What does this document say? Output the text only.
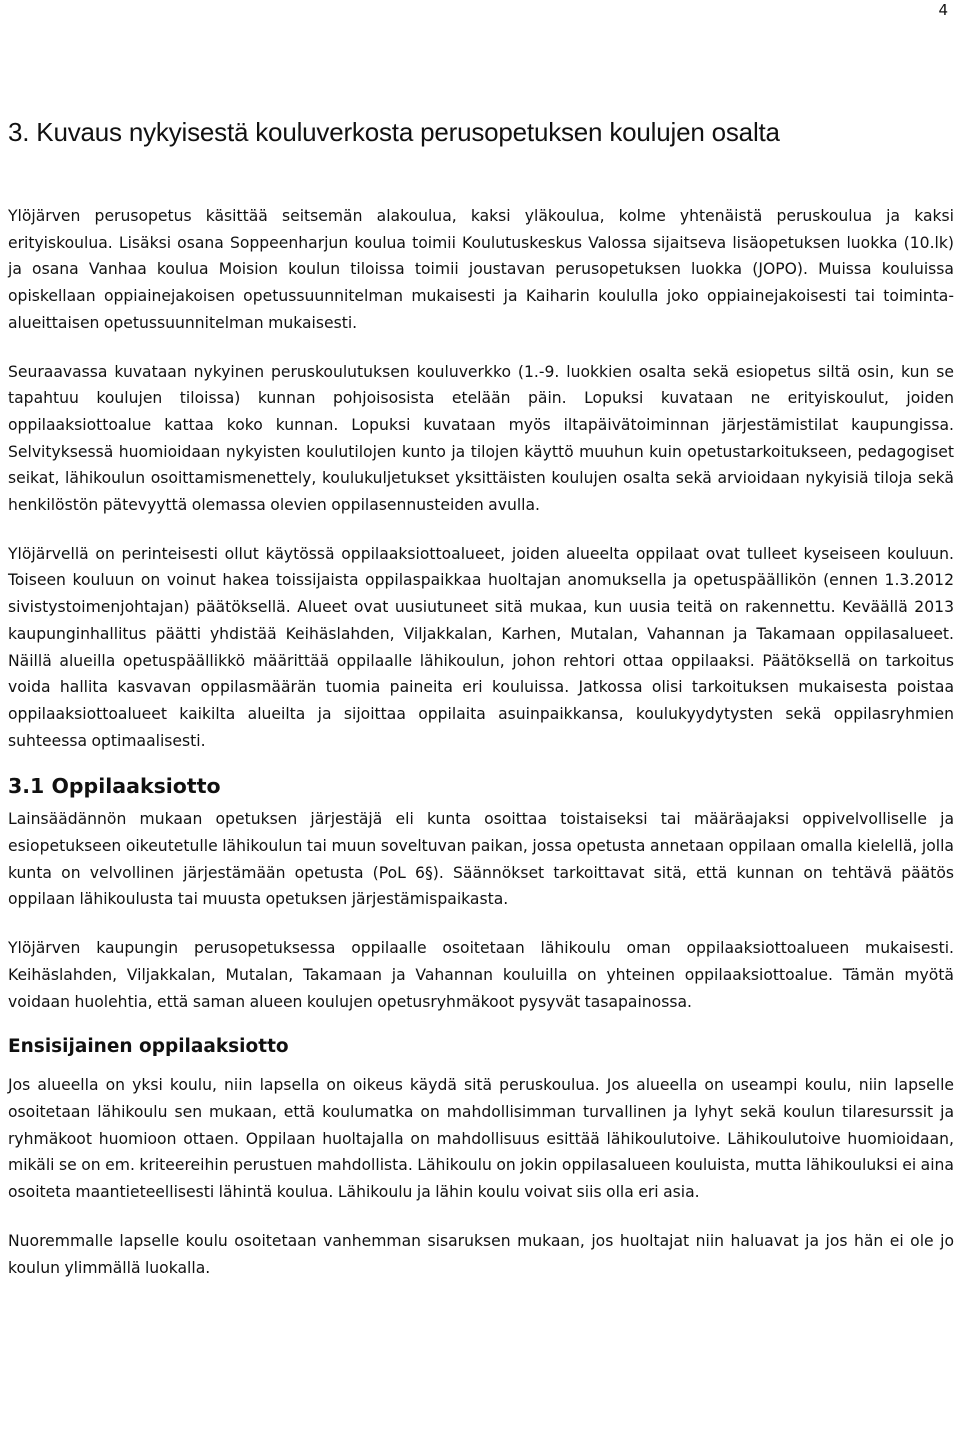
4
3. Kuvaus nykyisestä kouluverkosta perusopetuksen koulujen osalta

Ylöjärven perusopetus käsittää seitsemän alakoulua, kaksi yläkoulua, kolme yhtenäistä peruskoulua ja kaksi erityiskoulua. Lisäksi osana Soppeenharjun koulua toimii Koulutuskeskus Valossa sijaitseva lisäopetuksen luokka (10.lk) ja osana Vanhaa koulua Moision koulun tiloissa toimii joustavan perusopetuksen luokka (JOPO). Muissa kouluissa opiskellaan oppiainejakoisen opetussuunnitelman mukaisesti ja Kaiharin koululla joko oppiainejakoisesti tai toiminta-alueittaisen opetussuunnitelman mukaisesti.

Seuraavassa kuvataan nykyinen peruskoulutuksen kouluverkko (1.-9. luokkien osalta sekä esiopetus siltä osin, kun se tapahtuu koulujen tiloissa) kunnan pohjoisosista etelään päin. Lopuksi kuvataan ne erityiskoulut, joiden oppilaaksiottoalue kattaa koko kunnan. Lopuksi kuvataan myös iltapäivätoiminnan järjestämistilat kaupungissa. Selvityksessä huomioidaan nykyisten koulutilojen kunto ja tilojen käyttö muuhun kuin opetustarkoitukseen, pedagogiset seikat, lähikoulun osoittamismenettely, koulukuljetukset yksittäisten koulujen osalta sekä arvioidaan nykyisiä tiloja sekä henkilöstön pätevyyttä olemassa olevien oppilasennusteiden avulla.

Ylöjärvellä on perinteisesti ollut käytössä oppilaaksiottoalueet, joiden alueelta oppilaat ovat tulleet kyseiseen kouluun. Toiseen kouluun on voinut hakea toissijaista oppilaspaikkaa huoltajan anomuksella ja opetuspäällikön (ennen 1.3.2012 sivistystoimenjohtajan) päätöksellä. Alueet ovat uusiutuneet sitä mukaa, kun uusia teitä on rakennettu. Keväällä 2013 kaupunginhallitus päätti yhdistää Keihäslahden, Viljakkalan, Karhen, Mutalan, Vahannan ja Takamaan oppilasalueet. Näillä alueilla opetuspäällikkö määrittää oppilaalle lähikoulun, johon rehtori ottaa oppilaaksi. Päätöksellä on tarkoitus voida hallita kasvavan oppilasmäärän tuomia paineita eri kouluissa. Jatkossa olisi tarkoituksen mukaisesta poistaa oppilaaksiottoalueet kaikilta alueilta ja sijoittaa oppilaita asuinpaikkansa, koulukyydytysten sekä oppilasryhmien suhteessa optimaalisesti.

3.1 Oppilaaksiotto

Lainsäädännön mukaan opetuksen järjestäjä eli kunta osoittaa toistaiseksi tai määräajaksi oppivelvolliselle ja esiopetukseen oikeutetulle lähikoulun tai muun soveltuvan paikan, jossa opetusta annetaan oppilaan omalla kielellä, jolla kunta on velvollinen järjestämään opetusta (PoL 6§). Säännökset tarkoittavat sitä, että kunnan on tehtävä päätös oppilaan lähikoulusta tai muusta opetuksen järjestämispaikasta.

Ylöjärven kaupungin perusopetuksessa oppilaalle osoitetaan lähikoulu oman oppilaaksiottoalueen mukaisesti. Keihäslahden, Viljakkalan, Mutalan, Takamaan ja Vahannan kouluilla on yhteinen oppilaaksiottoalue. Tämän myötä voidaan huolehtia, että saman alueen koulujen opetusryhmäkoot pysyvät tasapainossa.

Ensisijainen oppilaaksiotto

Jos alueella on yksi koulu, niin lapsella on oikeus käydä sitä peruskoulua. Jos alueella on useampi koulu, niin lapselle osoitetaan lähikoulu sen mukaan, että koulumatka on mahdollisimman turvallinen ja lyhyt sekä koulun tilaresurssit ja ryhmäkoot huomioon ottaen. Oppilaan huoltajalla on mahdollisuus esittää lähikoulutoive. Lähikoulutoive huomioidaan, mikäli se on em. kriteereihin perustuen mahdollista. Lähikoulu on jokin oppilasalueen kouluista, mutta lähikouluksi ei aina osoiteta maantieteellisesti lähintä koulua. Lähikoulu ja lähin koulu voivat siis olla eri asia.

Nuoremmalle lapselle koulu osoitetaan vanhemman sisaruksen mukaan, jos huoltajat niin haluavat ja jos hän ei ole jo koulun ylimmällä luokalla.
